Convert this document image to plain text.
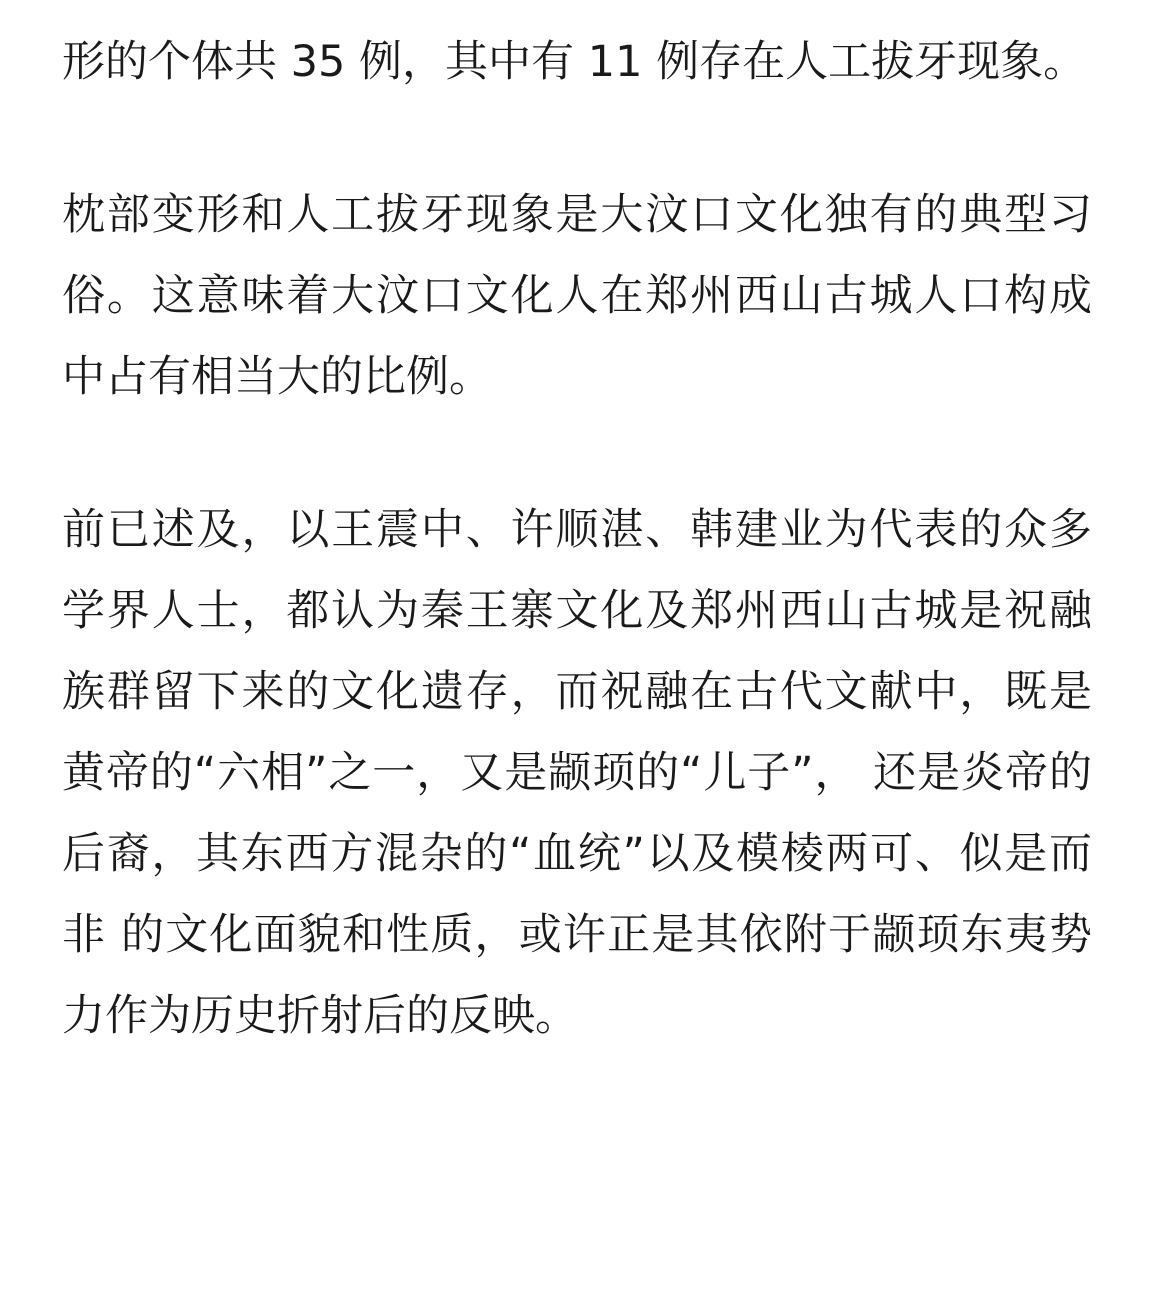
形的个体共 35 例，其中有 11 例存在人工拔牙现象。

枕部变形和人工拔牙现象是大汶口文化独有的典型习俗。这意味着大汶口文化人在郑州西山古城人口构成中占有相当大的比例。

前已述及，以王震中、许顺湛、韩建业为代表的众多学界人士，都认为秦王寨文化及郑州西山古城是祝融族群留下来的文化遗存，而祝融在古代文献中，既是黄帝的“六相”之一，又是颛顼的“儿子”， 还是炎帝的后裔，其东西方混杂的“血统”以及模棱两可、似是而非 的文化面貌和性质，或许正是其依附于颛顼东夷势力作为历史折射后的反映。
